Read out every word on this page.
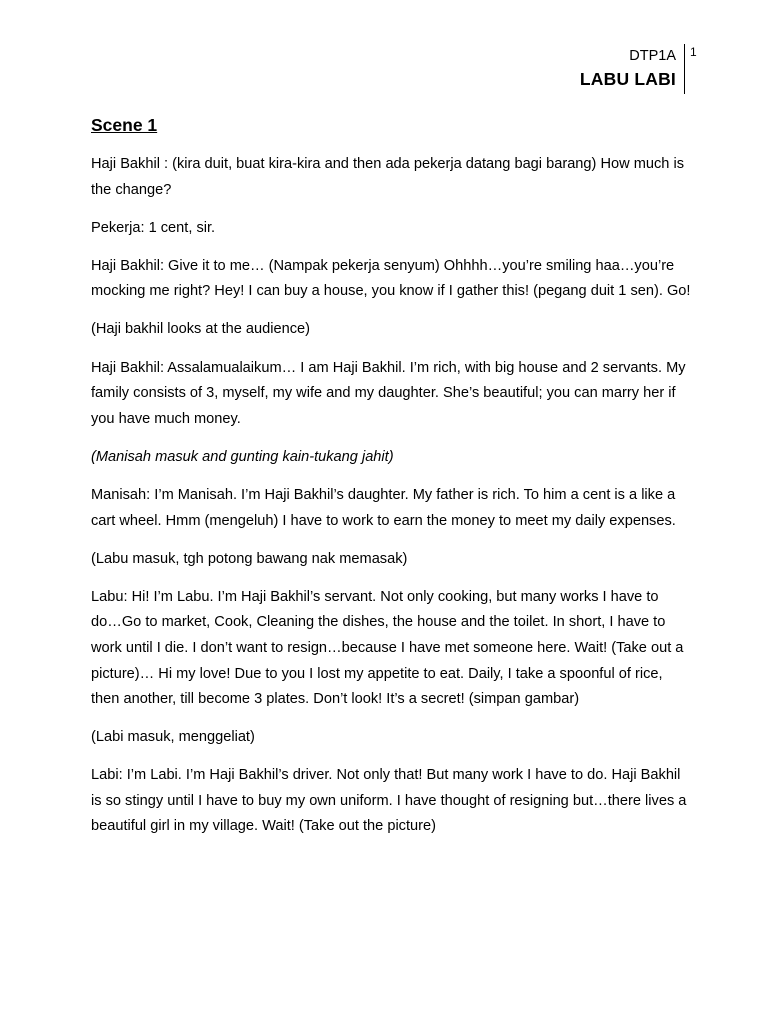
DTP1A
LABU LABI
1
Scene 1

Haji Bakhil : (kira duit, buat kira-kira and then ada pekerja datang bagi barang) How much is the change?

Pekerja: 1 cent, sir.

Haji Bakhil: Give it to me… (Nampak pekerja senyum) Ohhhh…you’re smiling haa…you’re mocking me right? Hey! I can buy a house, you know if I gather this! (pegang duit 1 sen). Go!

(Haji bakhil looks at the audience)

Haji Bakhil: Assalamualaikum… I am Haji Bakhil. I’m rich, with big house and 2 servants. My family consists of 3, myself, my wife and my daughter. She’s beautiful; you can marry her if you have much money.

(Manisah masuk and gunting kain-tukang jahit)

Manisah: I’m Manisah. I’m Haji Bakhil’s daughter. My father is rich. To him a cent is a like a cart wheel. Hmm (mengeluh) I have to work to earn the money to meet my daily expenses.

(Labu masuk, tgh potong bawang nak memasak)

Labu: Hi! I’m Labu. I’m Haji Bakhil’s servant. Not only cooking, but many works I have to do…Go to market, Cook, Cleaning the dishes, the house and the toilet. In short, I have to work until I die. I don’t want to resign…because I have met someone here. Wait! (Take out a picture)… Hi my love! Due to you I lost my appetite to eat. Daily, I take a spoonful of rice, then another, till become 3 plates. Don’t look! It’s a secret! (simpan gambar)

(Labi masuk, menggeliat)

Labi: I’m Labi. I’m Haji Bakhil’s driver. Not only that! But many work I have to do. Haji Bakhil is so stingy until I have to buy my own uniform. I have thought of resigning but…there lives a beautiful girl in my village. Wait! (Take out the picture)
